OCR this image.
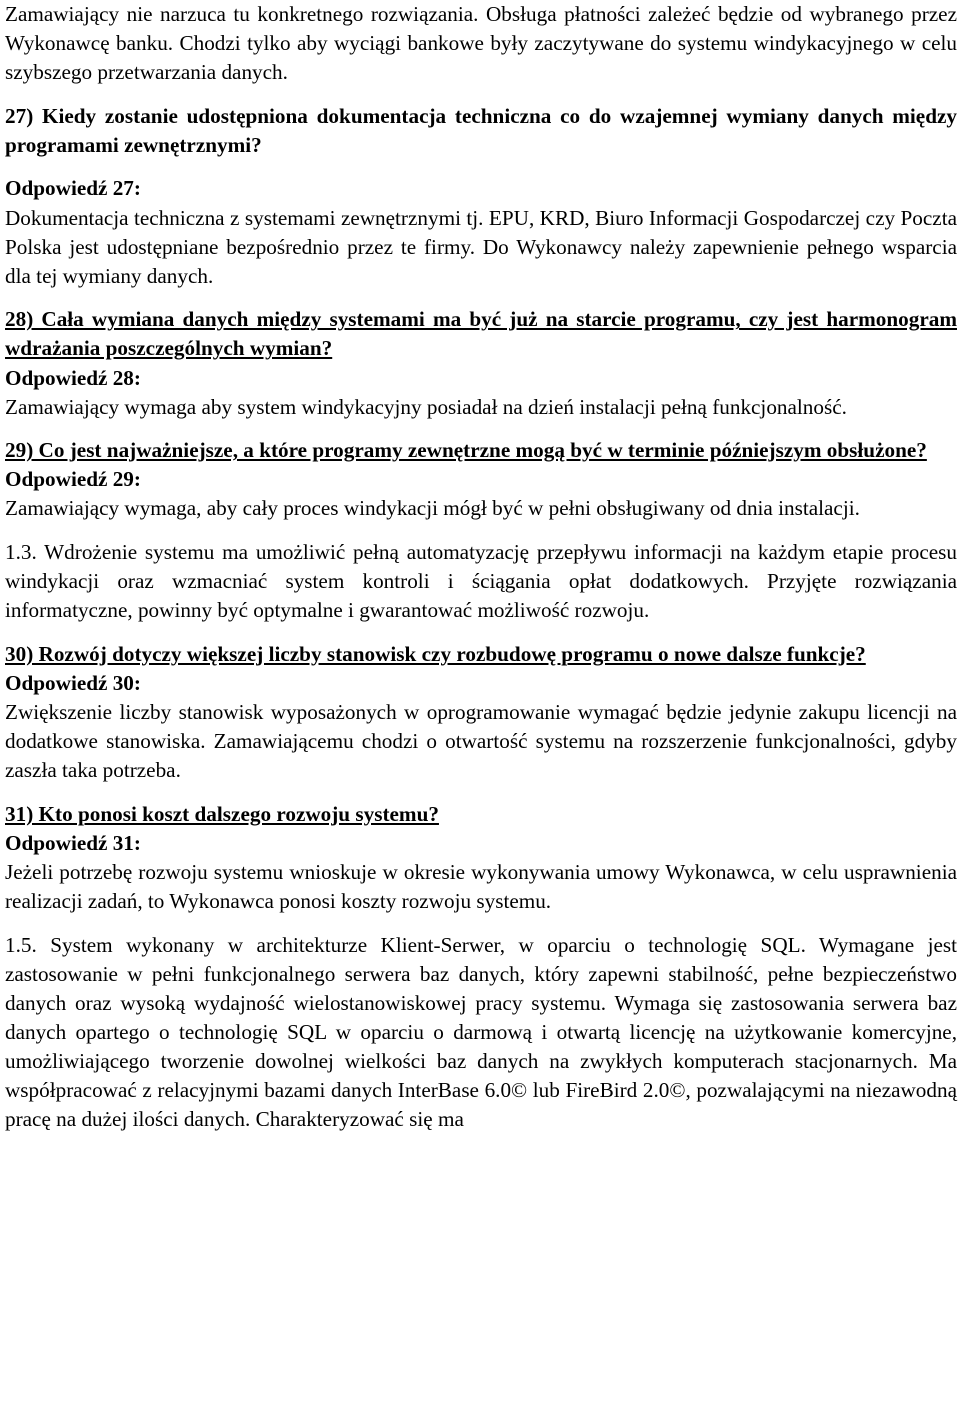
Zamawiający nie narzuca tu konkretnego rozwiązania. Obsługa płatności zależeć będzie od wybranego przez Wykonawcę banku. Chodzi tylko aby wyciągi bankowe były zaczytywane do systemu windykacyjnego w celu szybszego przetwarzania danych.

27) Kiedy zostanie udostępniona dokumentacja techniczna co do wzajemnej wymiany danych między programami zewnętrznymi?

Odpowiedź 27:

Dokumentacja techniczna z systemami zewnętrznymi tj. EPU, KRD, Biuro Informacji Gospodarczej czy Poczta Polska jest udostępniane bezpośrednio przez te firmy. Do Wykonawcy należy zapewnienie pełnego wsparcia dla tej wymiany danych.

28) Cała wymiana danych między systemami ma być już na starcie programu, czy jest harmonogram wdrażania poszczególnych wymian?

Odpowiedź 28:

Zamawiający wymaga aby system windykacyjny posiadał na dzień instalacji pełną funkcjonalność.

29) Co jest najważniejsze, a które programy zewnętrzne mogą być w terminie późniejszym obsłużone?

Odpowiedź 29:

Zamawiający wymaga, aby cały proces windykacji mógł być w pełni obsługiwany od dnia instalacji.

1.3. Wdrożenie systemu ma umożliwić pełną automatyzację przepływu informacji na każdym etapie procesu windykacji oraz wzmacniać system kontroli i ściągania opłat dodatkowych. Przyjęte rozwiązania informatyczne, powinny być optymalne i gwarantować możliwość rozwoju.

30) Rozwój dotyczy większej liczby stanowisk czy rozbudowę programu o nowe dalsze funkcje?

Odpowiedź 30:

Zwiększenie liczby stanowisk wyposażonych w oprogramowanie wymagać będzie jedynie zakupu licencji na dodatkowe stanowiska. Zamawiającemu chodzi o otwartość systemu na rozszerzenie funkcjonalności, gdyby zaszła taka potrzeba.

31) Kto ponosi koszt dalszego rozwoju systemu?

Odpowiedź 31:

Jeżeli potrzebę rozwoju systemu wnioskuje w okresie wykonywania umowy Wykonawca, w celu usprawnienia realizacji zadań, to Wykonawca ponosi koszty rozwoju systemu.

1.5. System wykonany w architekturze Klient-Serwer, w oparciu o technologię SQL. Wymagane jest zastosowanie w pełni funkcjonalnego serwera baz danych, który zapewni stabilność, pełne bezpieczeństwo danych oraz wysoką wydajność wielostanowiskowej pracy systemu. Wymaga się zastosowania serwera baz danych opartego o technologię SQL w oparciu o darmową i otwartą licencję na użytkowanie komercyjne, umożliwiającego tworzenie dowolnej wielkości baz danych na zwykłych komputerach stacjonarnych. Ma współpracować z relacyjnymi bazami danych InterBase 6.0© lub FireBird 2.0©, pozwalającymi na niezawodną pracę na dużej ilości danych. Charakteryzować się ma
